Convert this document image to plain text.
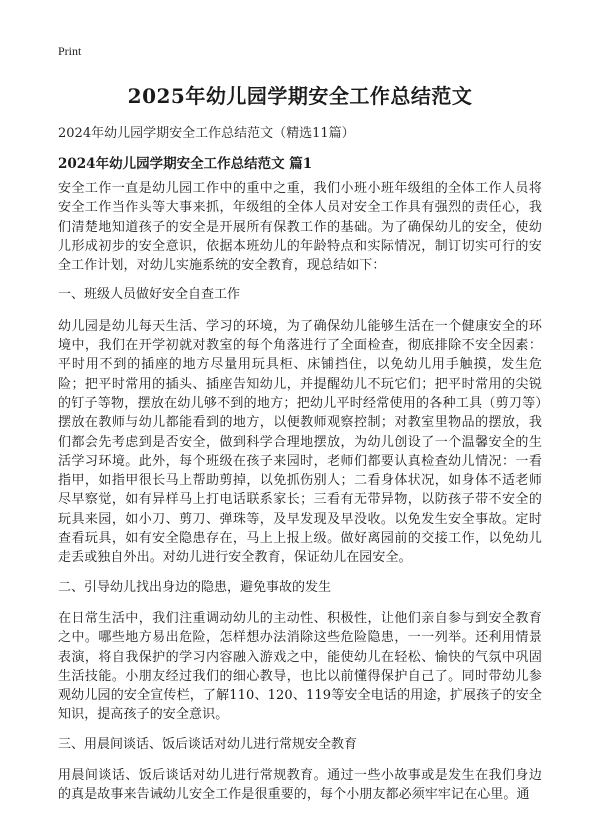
Print
2025年幼儿园学期安全工作总结范文
2024年幼儿园学期安全工作总结范文（精选11篇）
2024年幼儿园学期安全工作总结范文 篇1

安全工作一直是幼儿园工作中的重中之重，我们小班小班年级组的全体工作人员将安全工作当作头等大事来抓，年级组的全体人员对安全工作具有强烈的责任心，我们清楚地知道孩子的安全是开展所有保教工作的基础。为了确保幼儿的安全，使幼儿形成初步的安全意识，依据本班幼儿的年龄特点和实际情况，制订切实可行的安全工作计划，对幼儿实施系统的安全教育，现总结如下：

一、班级人员做好安全自查工作

幼儿园是幼儿每天生活、学习的环境，为了确保幼儿能够生活在一个健康安全的环境中，我们在开学初就对教室的每个角落进行了全面检查，彻底排除不安全因素：平时用不到的插座的地方尽量用玩具柜、床铺挡住，以免幼儿用手触摸，发生危险；把平时常用的插头、插座告知幼儿，并提醒幼儿不玩它们；把平时常用的尖锐的钉子等物，摆放在幼儿够不到的地方；把幼儿平时经常使用的各种工具（剪刀等）摆放在教师与幼儿都能看到的地方，以便教师观察控制；对教室里物品的摆放，我们都会先考虑到是否安全，做到科学合理地摆放，为幼儿创设了一个温馨安全的生活学习环境。此外，每个班级在孩子来园时，老师们都要认真检查幼儿情况：一看指甲，如指甲很长马上帮助剪掉，以免抓伤别人；二看身体状况，如身体不适老师尽早察觉，如有异样马上打电话联系家长；三看有无带异物，以防孩子带不安全的玩具来园，如小刀、剪刀、弹珠等，及早发现及早没收。以免发生安全事故。定时查看玩具，如有安全隐患存在，马上上报上级。做好离园前的交接工作，以免幼儿走丢或独自外出。对幼儿进行安全教育，保证幼儿在园安全。

二、引导幼儿找出身边的隐患，避免事故的发生

在日常生活中，我们注重调动幼儿的主动性、积极性，让他们亲自参与到安全教育之中。哪些地方易出危险，怎样想办法消除这些危险隐患，一一列举。还利用情景表演，将自我保护的学习内容融入游戏之中，能使幼儿在轻松、愉快的气氛中巩固生活技能。小朋友经过我们的细心教导，也比以前懂得保护自己了。同时带幼儿参观幼儿园的安全宣传栏，了解110、120、119等安全电话的用途，扩展孩子的安全知识，提高孩子的安全意识。

三、用晨间谈话、饭后谈话对幼儿进行常规安全教育

用晨间谈话、饭后谈话对幼儿进行常规教育。通过一些小故事或是发生在我们身边的真是故事来告诫幼儿安全工作是很重要的，每个小朋友都必须牢牢记在心里。通
